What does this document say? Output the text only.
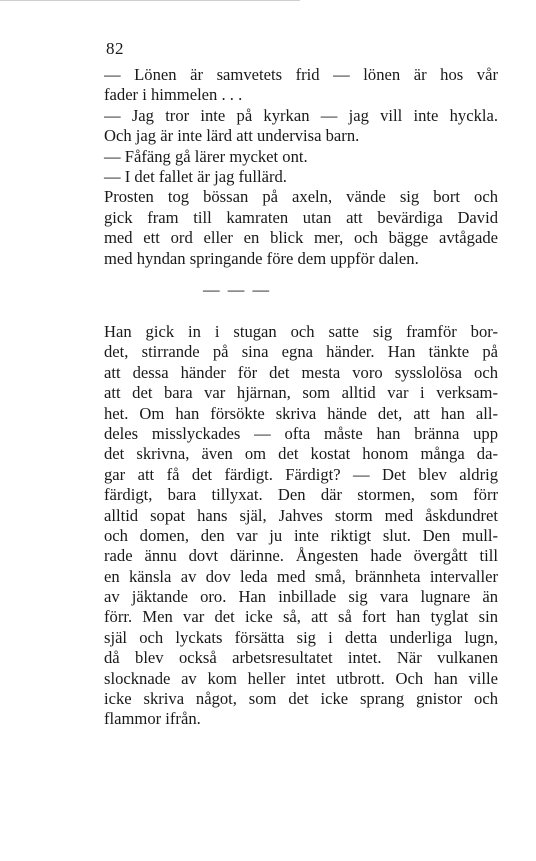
82
— Lönen är samvetets frid — lönen är hos vår
fader i himmelen . . .
— Jag tror inte på kyrkan — jag vill inte hyckla.
Och jag är inte lärd att undervisa barn.
— Fåfäng gå lärer mycket ont.
— I det fallet är jag fullärd.
Prosten tog bössan på axeln, vände sig bort och
gick fram till kamraten utan att bevärdiga David
med ett ord eller en blick mer, och bägge avtågade
med hyndan springande före dem uppför dalen.
— — —
Han gick in i stugan och satte sig framför bor-
det, stirrande på sina egna händer. Han tänkte på
att dessa händer för det mesta voro sysslolösa och
att det bara var hjärnan, som alltid var i verksam-
het. Om han försökte skriva hände det, att han all-
deles misslyckades — ofta måste han bränna upp
det skrivna, även om det kostat honom många da-
gar att få det färdigt. Färdigt? — Det blev aldrig
färdigt, bara tillyxat. Den där stormen, som förr
alltid sopat hans själ, Jahves storm med åskdundret
och domen, den var ju inte riktigt slut. Den mull-
rade ännu dovt därinne. Ångesten hade övergått till
en känsla av dov leda med små, brännheta intervaller
av jäktande oro. Han inbillade sig vara lugnare än
förr. Men var det icke så, att så fort han tyglat sin
själ och lyckats försätta sig i detta underliga lugn,
då blev också arbetsresultatet intet. När vulkanen
slocknade av kom heller intet utbrott. Och han ville
icke skriva något, som det icke sprang gnistor och
flammor ifrån.
